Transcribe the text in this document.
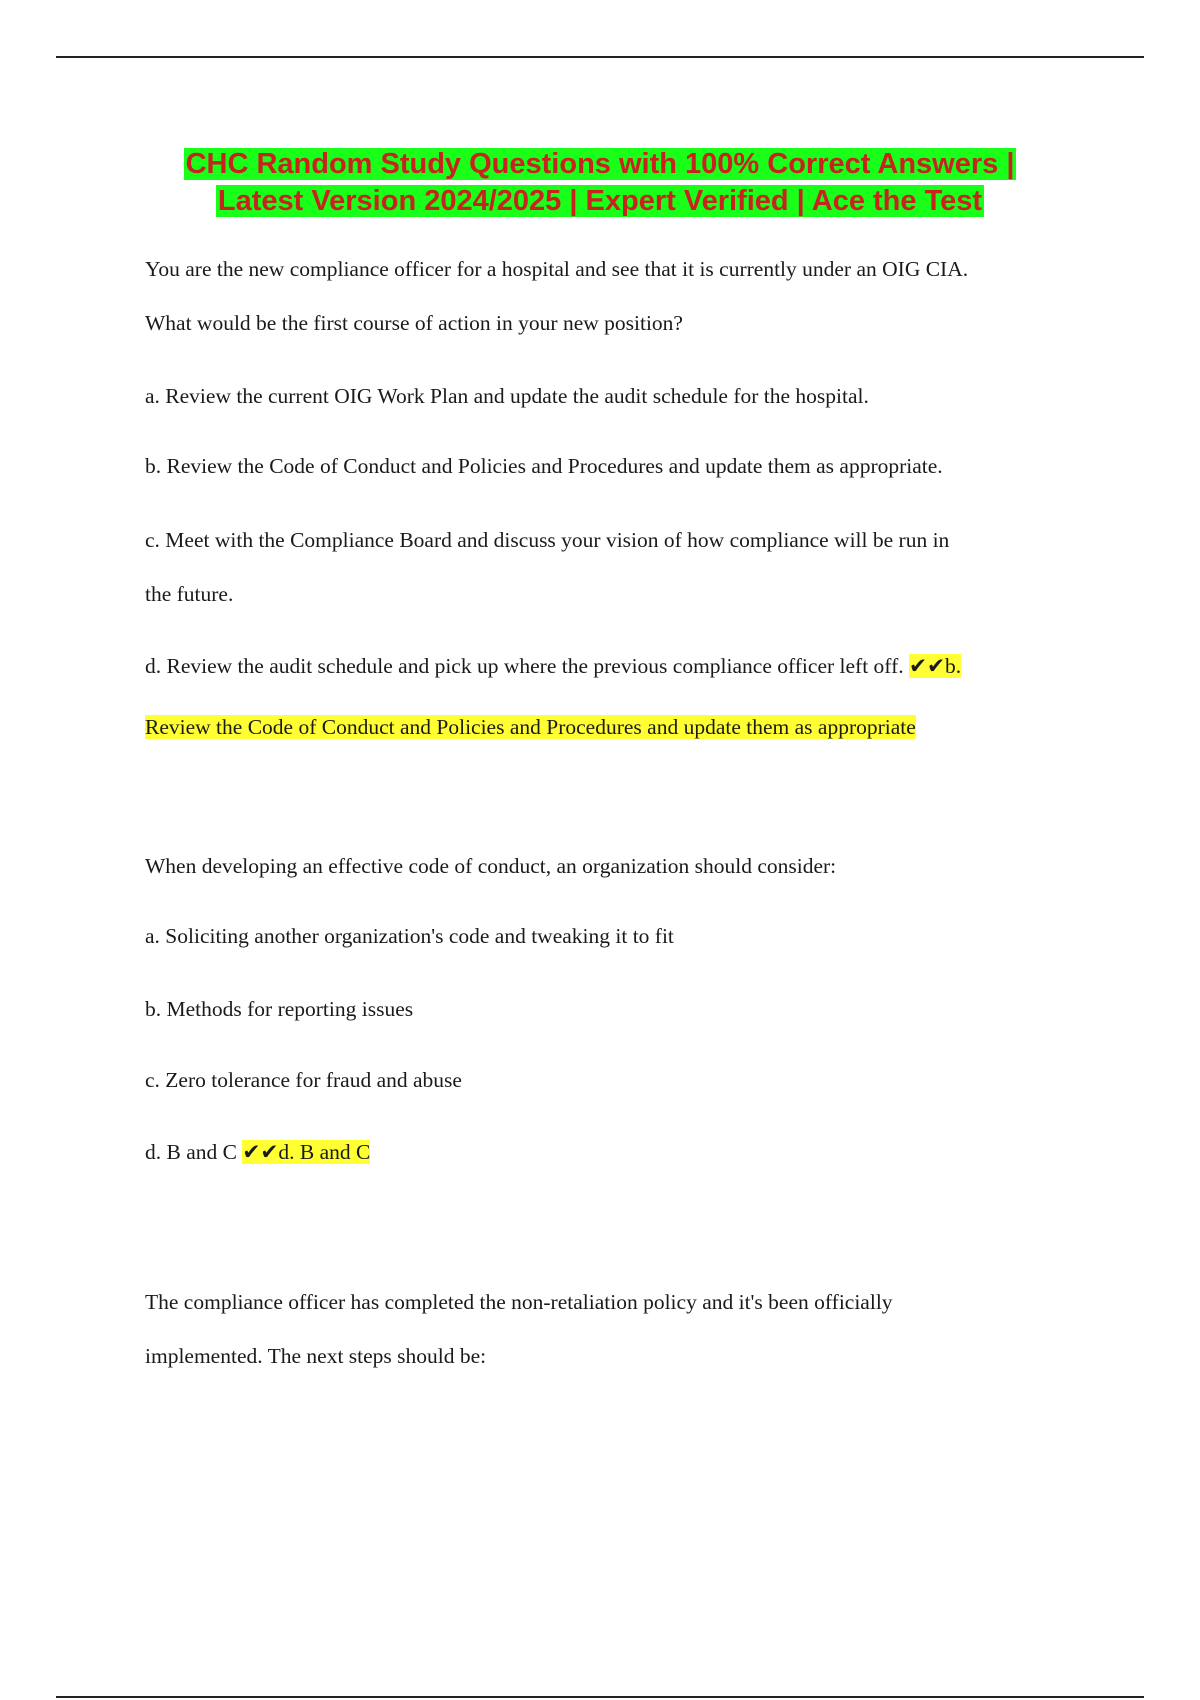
CHC Random Study Questions with 100% Correct Answers |
Latest Version 2024/2025 | Expert Verified | Ace the Test
You are the new compliance officer for a hospital and see that it is currently under an OIG CIA.
What would be the first course of action in your new position?
a. Review the current OIG Work Plan and update the audit schedule for the hospital.
b. Review the Code of Conduct and Policies and Procedures and update them as appropriate.
c. Meet with the Compliance Board and discuss your vision of how compliance will be run in
the future.
d. Review the audit schedule and pick up where the previous compliance officer left off. ✔✔b.
Review the Code of Conduct and Policies and Procedures and update them as appropriate
When developing an effective code of conduct, an organization should consider:
a. Soliciting another organization's code and tweaking it to fit
b. Methods for reporting issues
c. Zero tolerance for fraud and abuse
d. B and C ✔✔d. B and C
The compliance officer has completed the non-retaliation policy and it's been officially
implemented. The next steps should be:
